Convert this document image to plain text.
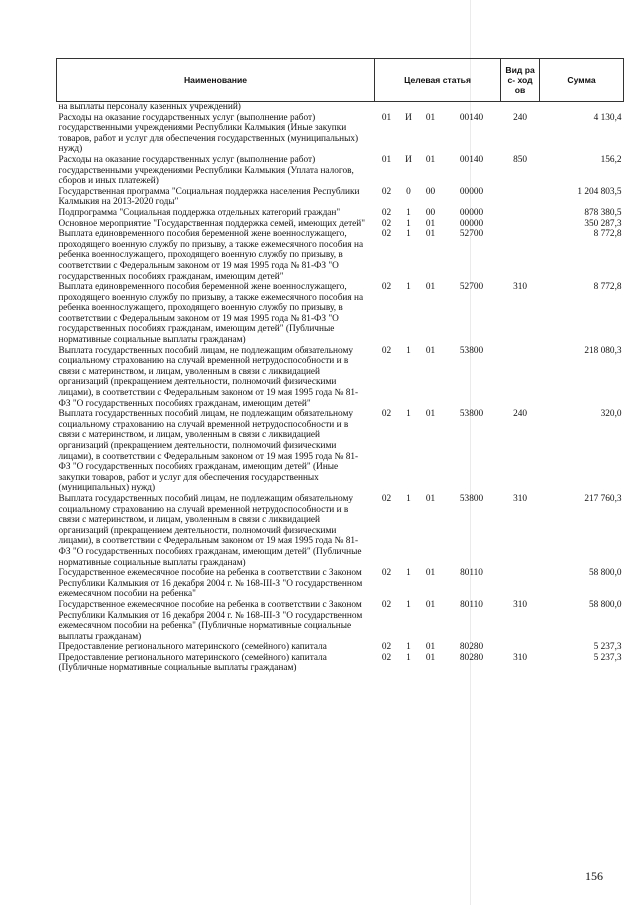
Наименование	Целевая статья				Вид рас- ходов	Сумма
на выплаты персоналу казенных учреждений)						
Расходы на оказание государственных услуг (выполнение работ) государственными учреждениями Республики Калмыкия (Иные закупки товаров, работ и услуг для обеспечения государственных (муниципальных) нужд)	01	И	01	00140	240	4 130,4
Расходы на оказание государственных услуг (выполнение работ) государственными учреждениями Республики Калмыкия (Уплата налогов, сборов и иных платежей)	01	И	01	00140	850	156,2
Государственная программа "Социальная поддержка населения Республики Калмыкия на 2013-2020 годы"	02	0	00	00000		1 204 803,5
Подпрограмма "Социальная поддержка отдельных категорий граждан"	02	1	00	00000		878 380,5
Основное мероприятие "Государственная поддержка семей, имеющих детей"	02	1	01	00000		350 287,3
Выплата единовременного пособия беременной жене военнослужащего, проходящего военную службу по призыву, а также ежемесячного пособия на ребенка военнослужащего, проходящего военную службу по призыву, в соответствии с Федеральным законом от 19 мая 1995 года № 81-ФЗ "О государственных пособиях гражданам, имеющим детей"	02	1	01	52700		8 772,8
Выплата единовременного пособия беременной жене военнослужащего, проходящего военную службу по призыву, а также ежемесячного пособия на ребенка военнослужащего, проходящего военную службу по призыву, в соответствии с Федеральным законом от 19 мая 1995 года № 81-ФЗ "О государственных пособиях гражданам, имеющим детей" (Публичные нормативные социальные выплаты гражданам)	02	1	01	52700	310	8 772,8
Выплата государственных пособий лицам, не подлежащим обязательному социальному страхованию на случай временной нетрудоспособности и в связи с материнством, и лицам, уволенным в связи с ликвидацией организаций (прекращением деятельности, полномочий физическими лицами), в соответствии с Федеральным законом от 19 мая 1995 года № 81-ФЗ "О государственных пособиях гражданам, имеющим детей"	02	1	01	53800		218 080,3
Выплата государственных пособий лицам, не подлежащим обязательному социальному страхованию на случай временной нетрудоспособности и в связи с материнством, и лицам, уволенным в связи с ликвидацией организаций (прекращением деятельности, полномочий физическими лицами), в соответствии с Федеральным законом от 19 мая 1995 года № 81-ФЗ "О государственных пособиях гражданам, имеющим детей" (Иные закупки товаров, работ и услуг для обеспечения государственных (муниципальных) нужд)	02	1	01	53800	240	320,0
Выплата государственных пособий лицам, не подлежащим обязательному социальному страхованию на случай временной нетрудоспособности и в связи с материнством, и лицам, уволенным в связи с ликвидацией организаций (прекращением деятельности, полномочий физическими лицами), в соответствии с Федеральным законом от 19 мая 1995 года № 81-ФЗ "О государственных пособиях гражданам, имеющим детей" (Публичные нормативные социальные выплаты гражданам)	02	1	01	53800	310	217 760,3
Государственное ежемесячное пособие на ребенка в соответствии с Законом Республики Калмыкия от 16 декабря 2004 г. № 168-III-З "О государственном ежемесячном пособии на ребенка"	02	1	01	80110		58 800,0
Государственное ежемесячное пособие на ребенка в соответствии с Законом Республики Калмыкия от 16 декабря 2004 г. № 168-III-З "О государственном ежемесячном пособии на ребенка" (Публичные нормативные социальные выплаты гражданам)	02	1	01	80110	310	58 800,0
Предоставление регионального материнского (семейного) капитала	02	1	01	80280		5 237,3
Предоставление регионального материнского (семейного) капитала (Публичные нормативные социальные выплаты гражданам)	02	1	01	80280	310	5 237,3
156
